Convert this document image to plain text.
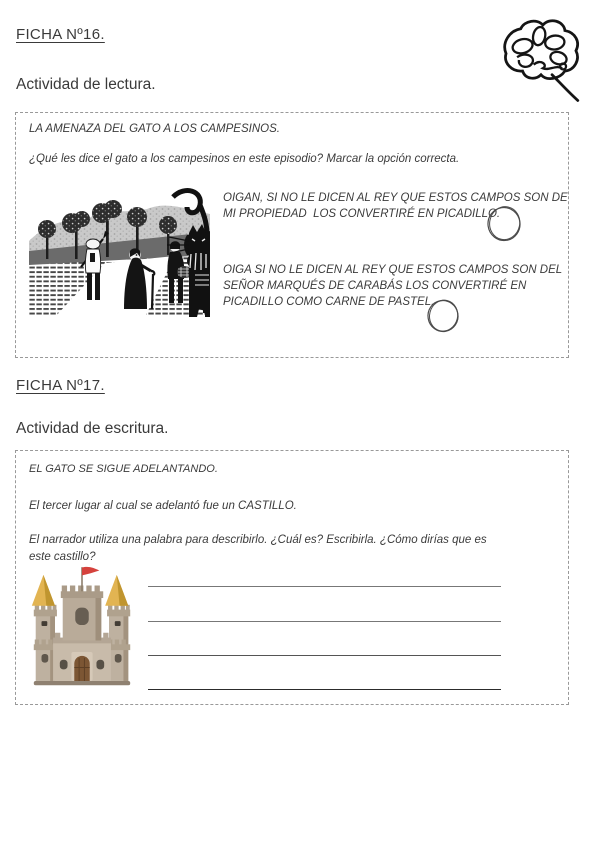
FICHA Nº16.
Actividad de lectura.
LA AMENAZA DEL GATO A LOS CAMPESINOS.
¿Qué les dice el gato a los campesinos en este episodio? Marcar la opción correcta.
OIGAN, SI NO LE DICEN AL REY QUE ESTOS CAMPOS SON DE
MI PROPIEDAD  LOS CONVERTIRÉ EN PICADILLO.
OIGA SI NO LE DICEN AL REY QUE ESTOS CAMPOS SON DEL
SEÑOR MARQUÉS DE CARABÁS LOS CONVERTIRÉ EN
PICADILLO COMO CARNE DE PASTEL.
FICHA Nº17.
Actividad de escritura.
EL GATO SE SIGUE ADELANTANDO.
El tercer lugar al cual se adelantó fue un CASTILLO.
El narrador utiliza una palabra para describirlo. ¿Cuál es? Escribirla. ¿Cómo dirías que es
este castillo?
